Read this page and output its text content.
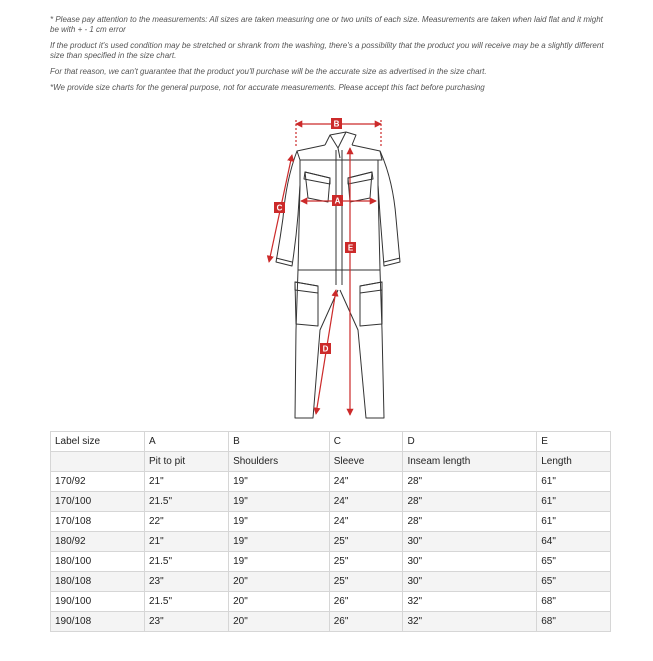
* Please pay attention to the measurements: All sizes are taken measuring one or two units of each size. Measurements are taken when laid flat and it might be with + - 1 cm error

If the product it's used condition may be stretched or shrank from the washing, there's a possibility that the product you will receive may be a slightly different size than specified in the size chart.

For that reason, we can't guarantee that the product you'll purchase will be the accurate size as advertised in the size chart.

*We provide size charts for the general purpose, not for accurate measurements. Please accept this fact before purchasing

B
C
A
E
D
Label size	A	B	C	D	E
	Pit to pit	Shoulders	Sleeve	Inseam length	Length
170/92	21"	19"	24"	28"	61"
170/100	21.5"	19"	24"	28"	61"
170/108	22"	19"	24"	28"	61"
180/92	21"	19"	25"	30"	64"
180/100	21.5"	19"	25"	30"	65"
180/108	23"	20"	25"	30"	65"
190/100	21.5"	20"	26"	32"	68"
190/108	23"	20"	26"	32"	68"
